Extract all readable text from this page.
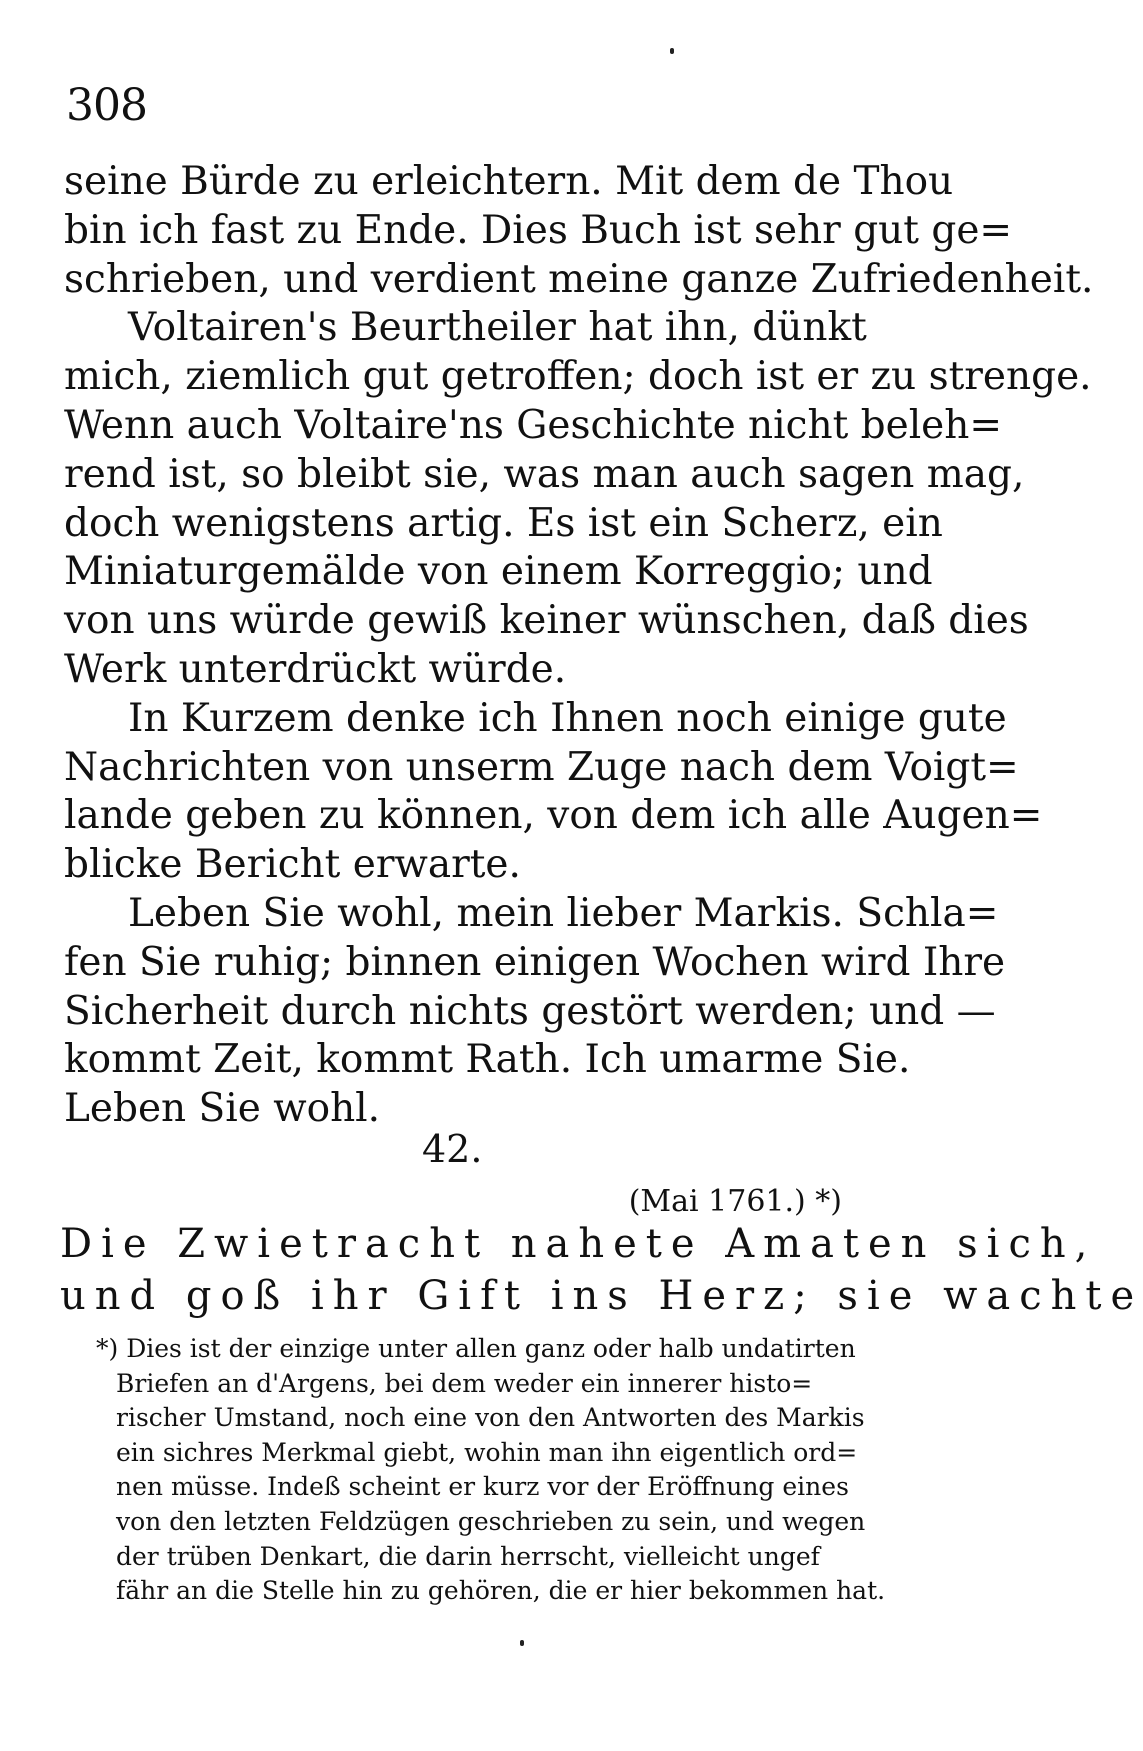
308
seine Bürde zu erleichtern. Mit dem de Thou
bin ich fast zu Ende. Dies Buch ist sehr gut ge=
schrieben, und verdient meine ganze Zufriedenheit.
Voltairen's Beurtheiler hat ihn, dünkt
mich, ziemlich gut getroffen; doch ist er zu strenge.
Wenn auch Voltaire'ns Geschichte nicht beleh=
rend ist, so bleibt sie, was man auch sagen mag,
doch wenigstens artig. Es ist ein Scherz, ein
Miniaturgemälde von einem Korreggio; und
von uns würde gewiß keiner wünschen, daß dies
Werk unterdrückt würde.
In Kurzem denke ich Ihnen noch einige gute
Nachrichten von unserm Zuge nach dem Voigt=
lande geben zu können, von dem ich alle Augen=
blicke Bericht erwarte.
Leben Sie wohl, mein lieber Markis. Schla=
fen Sie ruhig; binnen einigen Wochen wird Ihre
Sicherheit durch nichts gestört werden; und —
kommt Zeit, kommt Rath. Ich umarme Sie.
Leben Sie wohl.
42.
(Mai 1761.) *)
Die Zwietracht nahete Amaten sich,
und goß ihr Gift ins Herz; sie wachte
*) Dies ist der einzige unter allen ganz oder halb undatirten
Briefen an d'Argens, bei dem weder ein innerer histo=
rischer Umstand, noch eine von den Antworten des Markis
ein sichres Merkmal giebt, wohin man ihn eigentlich ord=
nen müsse. Indeß scheint er kurz vor der Eröffnung eines
von den letzten Feldzügen geschrieben zu sein, und wegen
der trüben Denkart, die darin herrscht, vielleicht ungef
fähr an die Stelle hin zu gehören, die er hier bekommen hat.
